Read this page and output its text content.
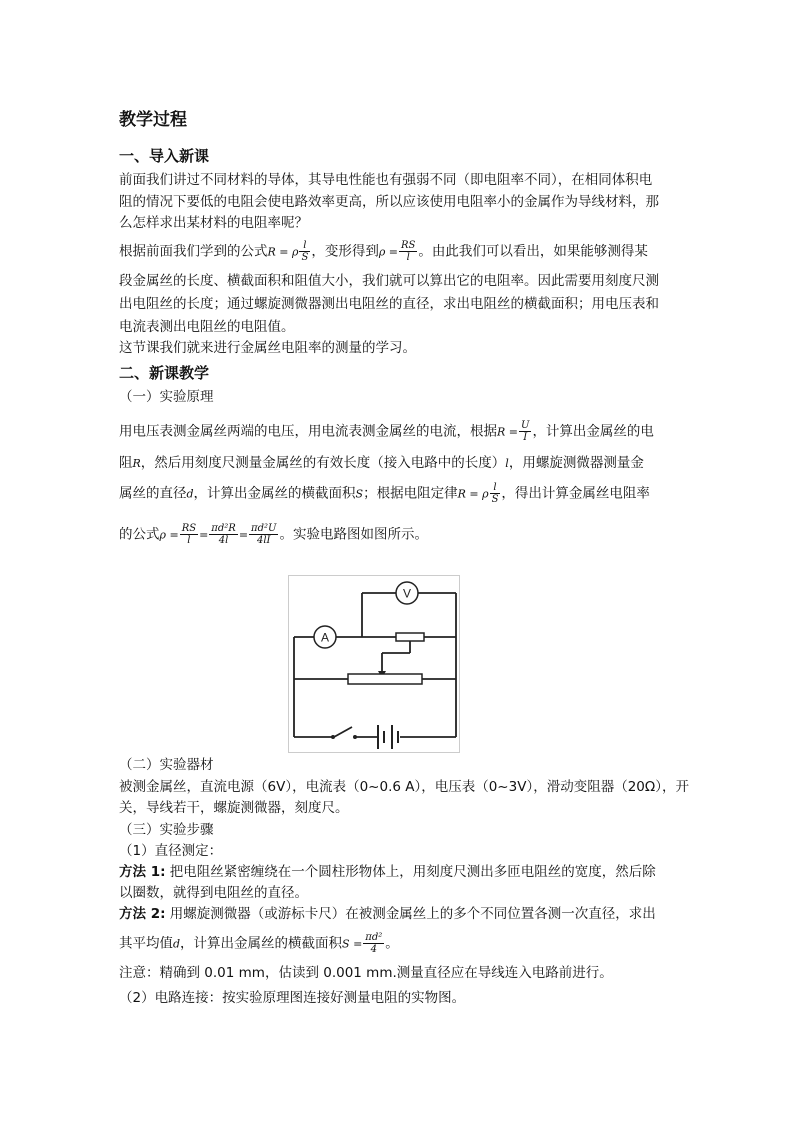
教学过程
一、导入新课
前面我们讲过不同材料的导体，其导电性能也有强弱不同（即电阻率不同），在相同体积电
阻的情况下要低的电阻会使电路效率更高，所以应该使用电阻率小的金属作为导线材料，那
么怎样求出某材料的电阻率呢？
根据前面我们学到的公式R = ρ $\frac{l}{S}$ ，变形得到$\rho = \frac{RS}{l}$ 。由此我们可以看出，如果能够测得某
段金属丝的长度、横截面积和阻值大小，我们就可以算出它的电阻率。因此需要用刻度尺测
出电阻丝的长度；通过螺旋测微器测出电阻丝的直径，求出电阻丝的横截面积；用电压表和
电流表测出电阻丝的电阻值。
这节课我们就来进行金属丝电阻率的测量的学习。
二、新课教学
（一）实验原理
用电压表测金属丝两端的电压，用电流表测金属丝的电流，根据$R = \frac{U}{I}$ ，计算出金属丝的电
阻R，然后用刻度尺测量金属丝的有效长度（接入电路中的长度）l，用螺旋测微器测量金
属丝的直径d，计算出金属丝的横截面积S；根据电阻定律R = ρ $\frac{l}{S}$ ，得出计算金属丝电阻率
的公式$\rho = \frac{RS}{l} = \frac{\text{πd²R}}{4l} = \frac{\text{πd²U}}{4lI}$ 。实验电路图如图所示。
V
A
（二）实验器材
被测金属丝，直流电源（6V），电流表（0~0.6 A），电压表（0~3V），滑动变阻器（20Ω），开
关，导线若干，螺旋测微器，刻度尺。
（三）实验步骤
（1）直径测定：
方法 1: 把电阻丝紧密缠绕在一个圆柱形物体上，用刻度尺测出多匝电阻丝的宽度，然后除
以圈数，就得到电阻丝的直径。
方法 2: 用螺旋测微器（或游标卡尺）在被测金属丝上的多个不同位置各测一次直径，求出
其平均值d，计算出金属丝的横截面积$S = \frac{\text{πd²}}{4}$ 。
注意：精确到 0.01 mm，估读到 0.001 mm.测量直径应在导线连入电路前进行。
（2）电路连接：按实验原理图连接好测量电阻的实物图。
